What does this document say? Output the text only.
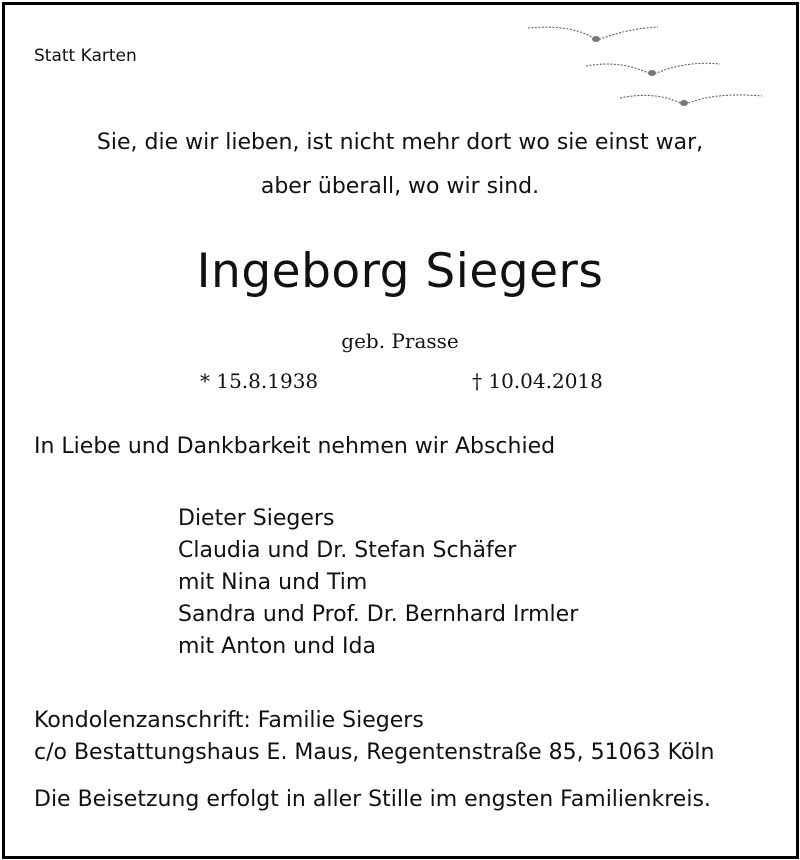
Statt Karten
Sie, die wir lieben, ist nicht mehr dort wo sie einst war,
aber überall, wo wir sind.
Ingeborg Siegers
geb. Prasse
* 15.8.1938	† 10.04.2018
In Liebe und Dankbarkeit nehmen wir Abschied
Dieter Siegers
Claudia und Dr. Stefan Schäfer
mit Nina und Tim
Sandra und Prof. Dr. Bernhard Irmler
mit Anton und Ida
Kondolenzanschrift: Familie Siegers
c/o Bestattungshaus E. Maus, Regentenstraße 85, 51063 Köln
Die Beisetzung erfolgt in aller Stille im engsten Familienkreis.
